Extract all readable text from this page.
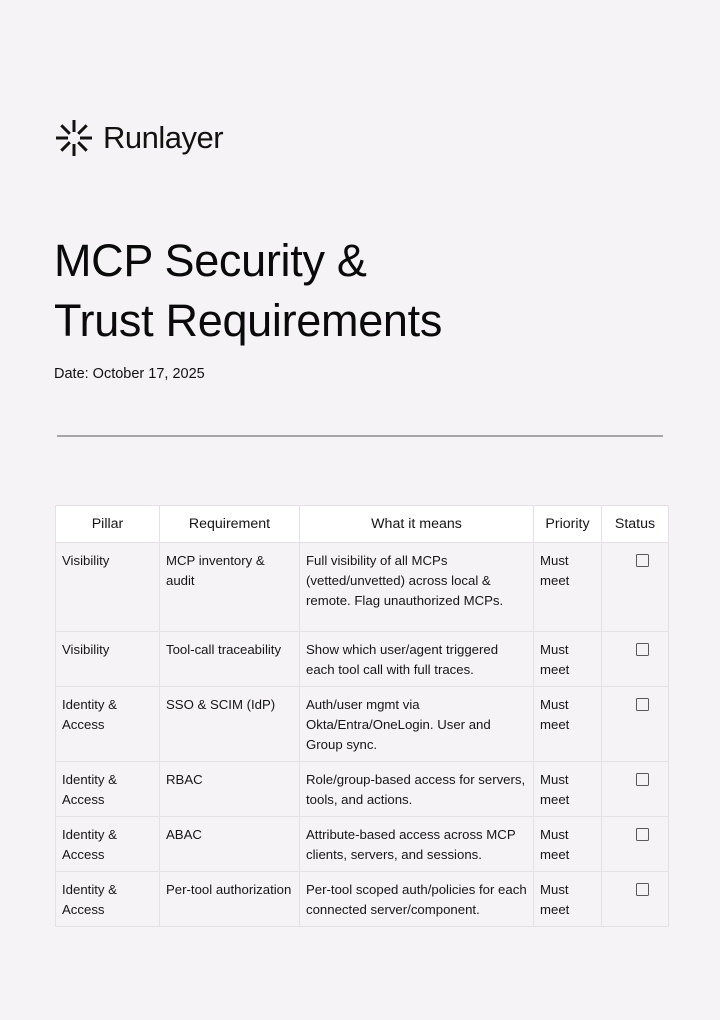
Runlayer
MCP Security &
Trust Requirements
Date: October 17, 2025
Pillar	Requirement	What it means	Priority	Status
Visibility	MCP inventory & audit	Full visibility of all MCPs (vetted/unvetted) across local & remote. Flag unauthorized MCPs.	Must meet	
Visibility	Tool-call traceability	Show which user/agent triggered each tool call with full traces.	Must meet	
Identity & Access	SSO & SCIM (IdP)	Auth/user mgmt via Okta/Entra/OneLogin. User and Group sync.	Must meet	
Identity & Access	RBAC	Role/group-based access for servers, tools, and actions.	Must meet	
Identity & Access	ABAC	Attribute-based access across MCP clients, servers, and sessions.	Must meet	
Identity & Access	Per-tool authorization	Per-tool scoped auth/policies for each connected server/component.	Must meet	
